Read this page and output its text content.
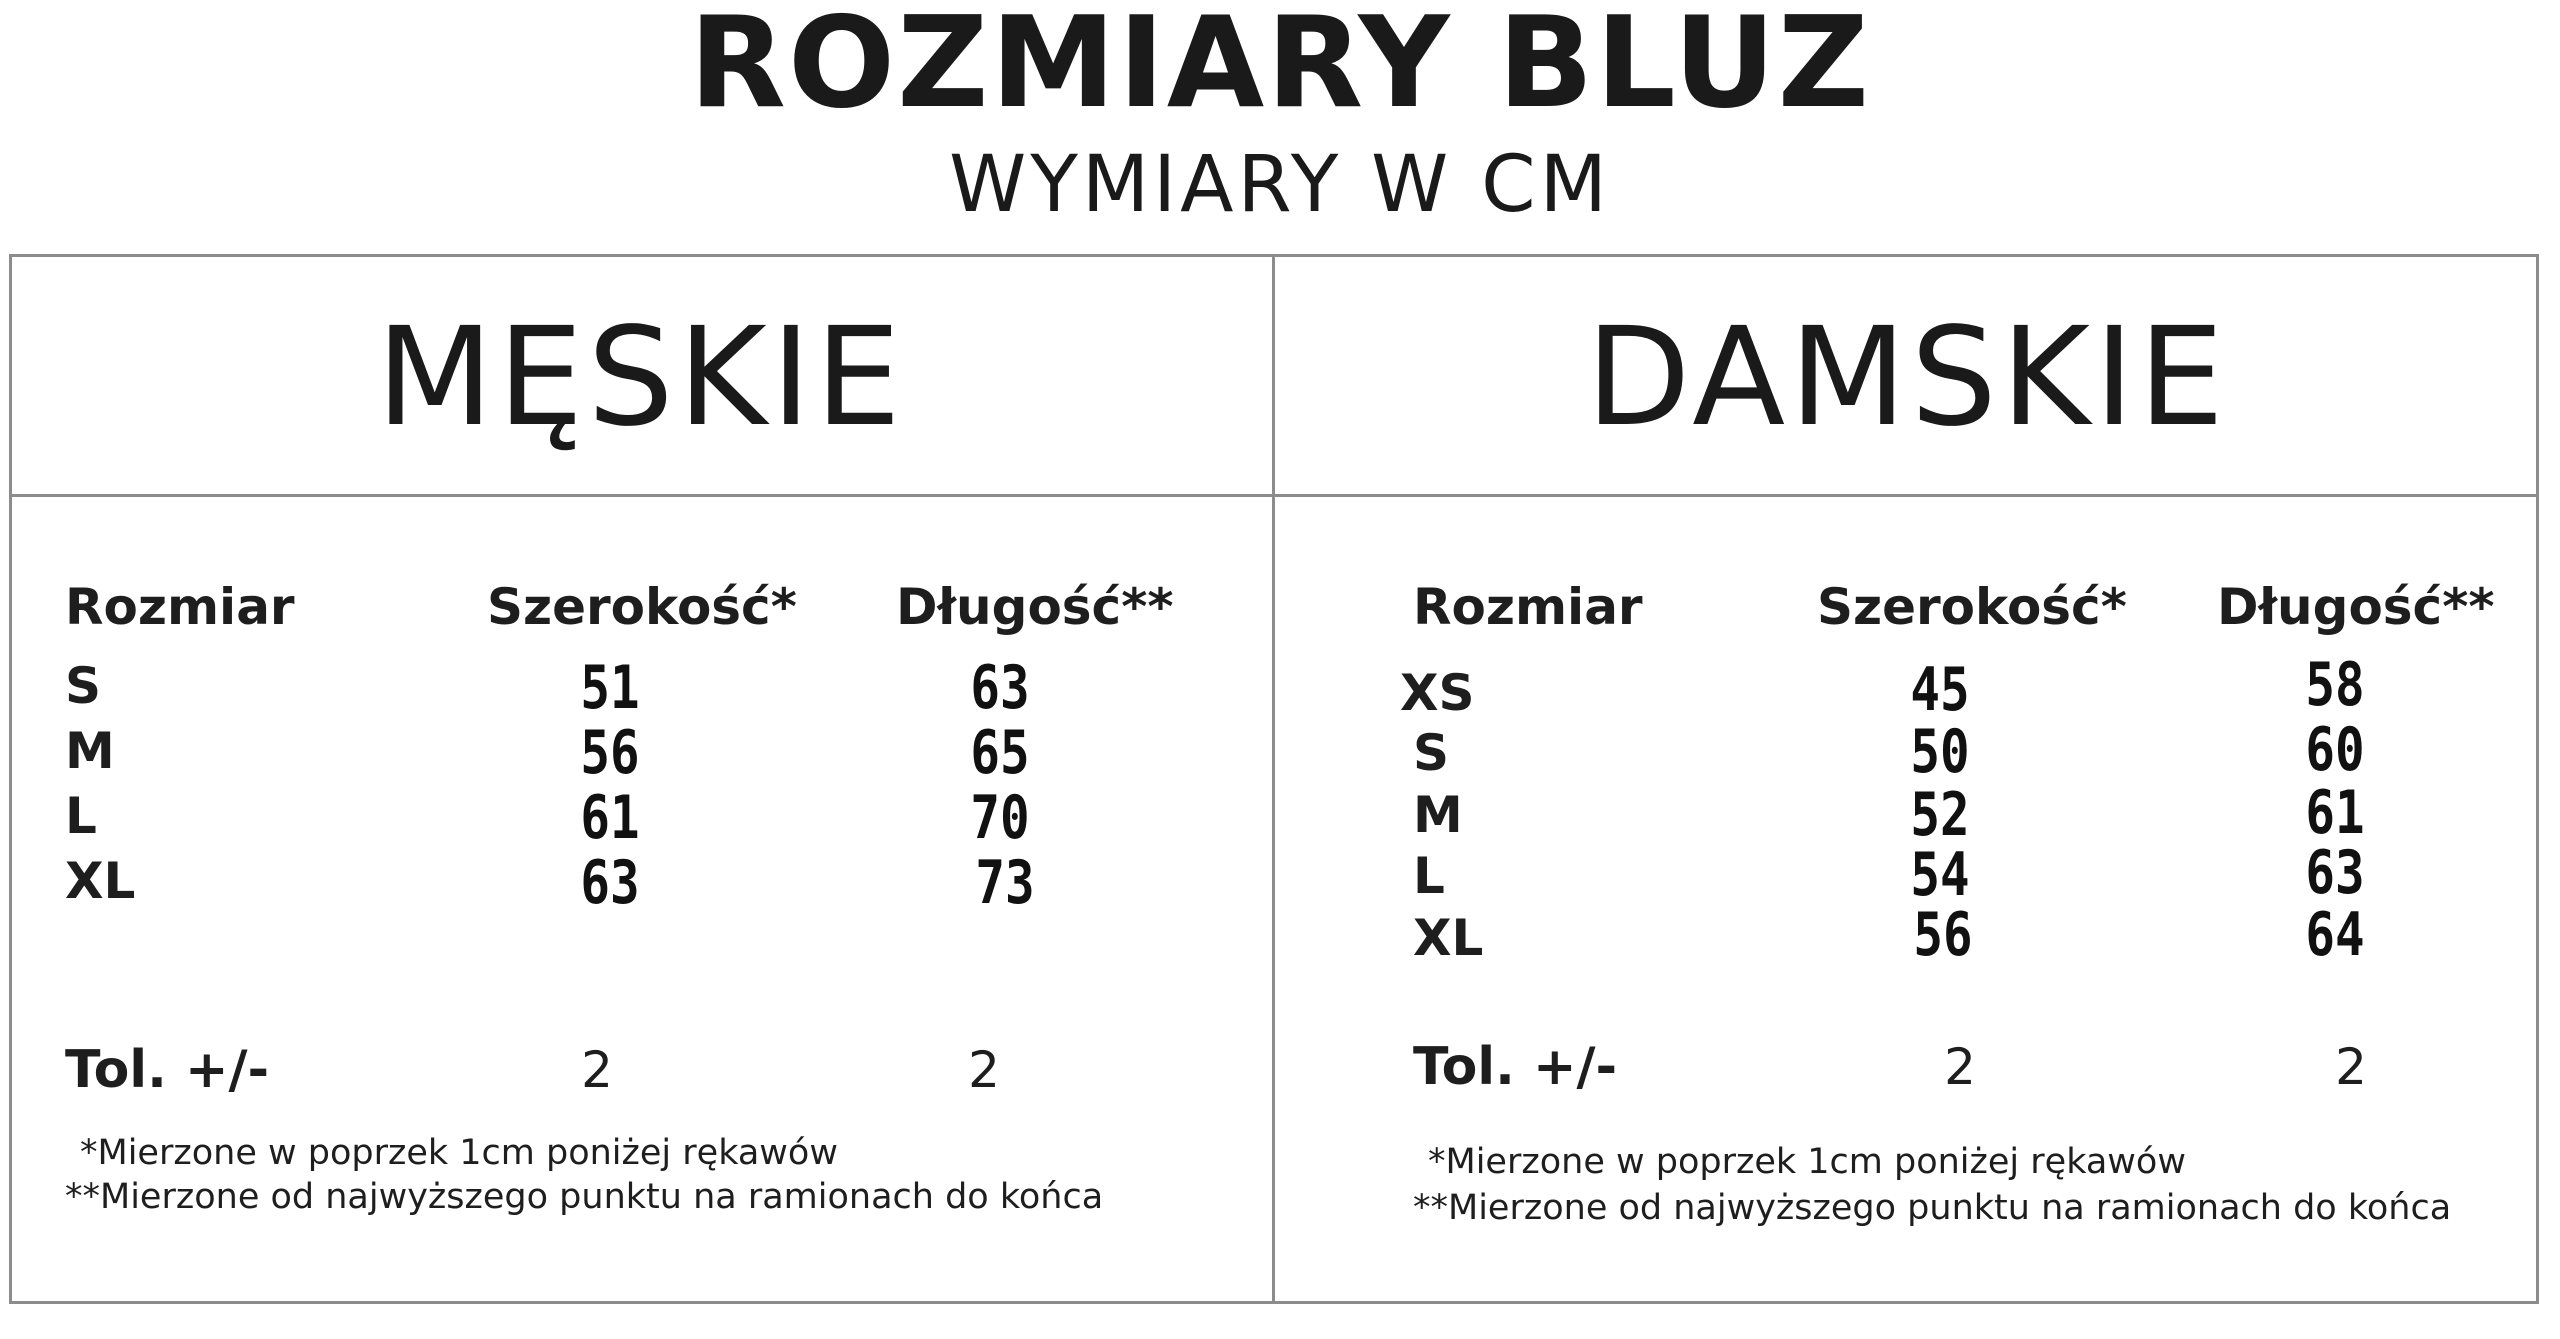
ROZMIARY BLUZ
WYMIARY W CM
MĘSKIE
Rozmiar	Szerokość* Długość**
S	51	63
M	56	65
L	61	70
XL	63	73
Tol. +/-	2	2
*Mierzone w poprzek 1cm poniżej rękawów
**Mierzone od najwyższego punktu na ramionach do końca
DAMSKIE
Rozmiar	Szerokość* Długość**
XS	45	58
S	50	60
M	52	61
L	54	63
XL	56	64
Tol. +/-	2	2
*Mierzone w poprzek 1cm poniżej rękawów
**Mierzone od najwyższego punktu na ramionach do końca
